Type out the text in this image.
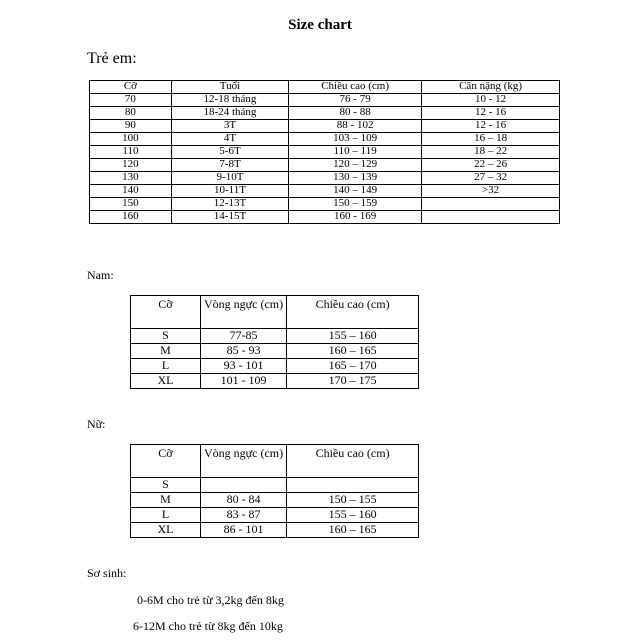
Size chart
Trẻ em:
Cỡ	Tuổi	Chiều cao (cm)	Cân nặng (kg)
70	12-18 tháng	76 - 79	10 - 12
80	18-24 tháng	80 - 88	12 - 16
90	3T	88 - 102	12 - 16
100	4T	103 – 109	16 – 18
110	5-6T	110 – 119	18 – 22
120	7-8T	120 – 129	22 – 26
130	9-10T	130 – 139	27 – 32
140	10-11T	140 – 149	>32
150	12-13T	150 – 159	
160	14-15T	160 - 169	
Nam:
Cỡ	Vòng ngực (cm)	Chiều cao (cm)
S	77-85	155 – 160
M	85 - 93	160 – 165
L	93 - 101	165 – 170
XL	101 - 109	170 – 175
Nữ:
Cỡ	Vòng ngực (cm)	Chiều cao (cm)
S		
M	80 - 84	150 – 155
L	83 - 87	155 – 160
XL	86 - 101	160 – 165
Sơ sinh:
0-6M cho trẻ từ 3,2kg đến 8kg
6-12M cho trẻ từ 8kg đến 10kg
